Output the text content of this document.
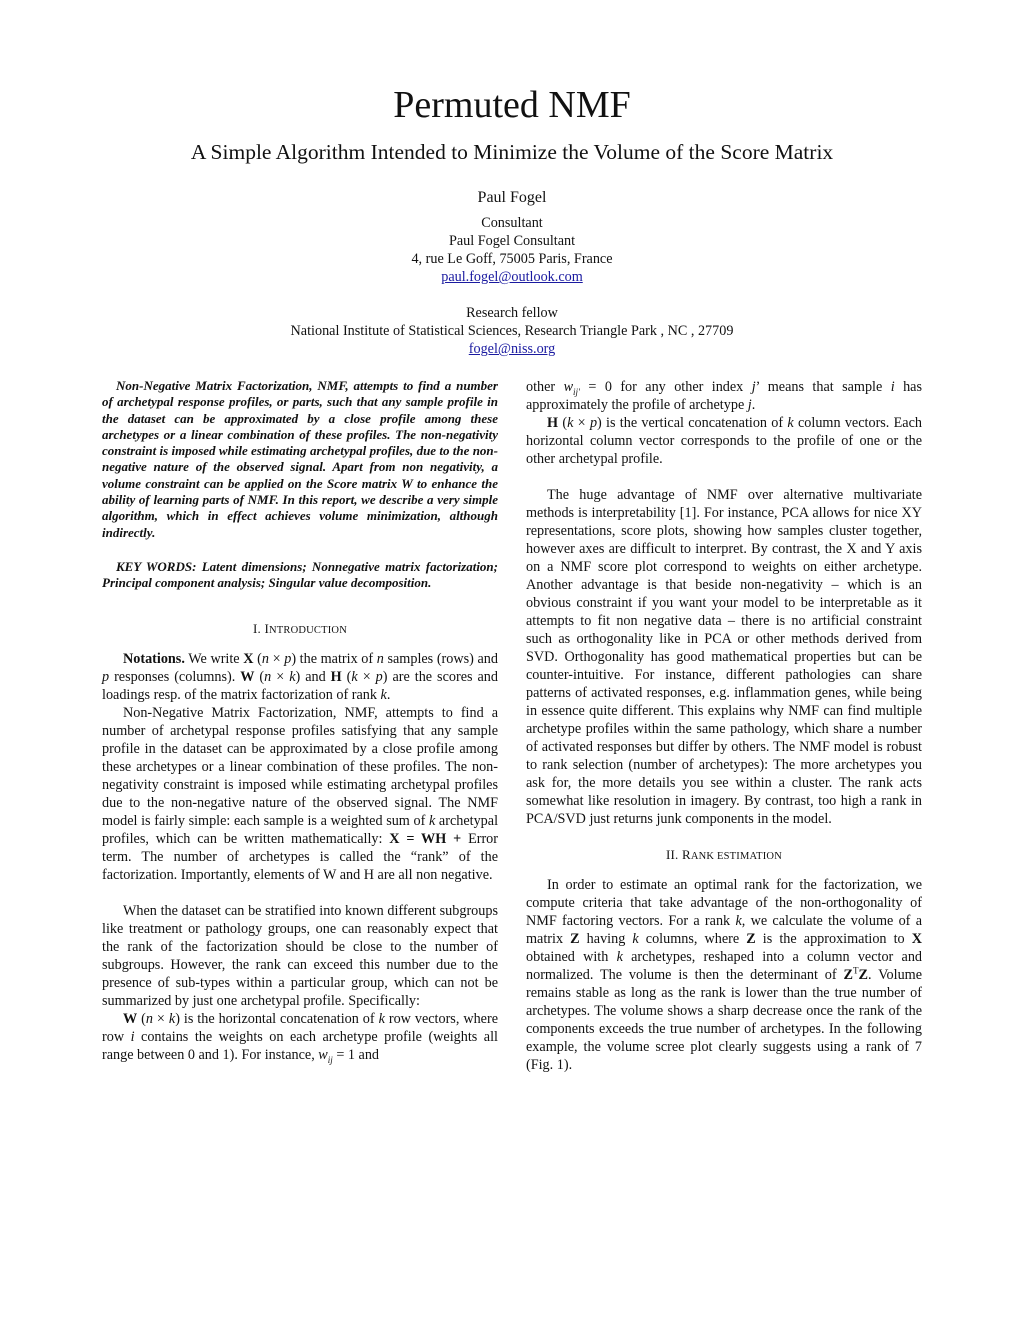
Permuted NMF
A Simple Algorithm Intended to Minimize the Volume of the Score Matrix
Paul Fogel
Consultant
Paul Fogel Consultant
4, rue Le Goff, 75005 Paris, France
paul.fogel@outlook.com
Research fellow
National Institute of Statistical Sciences, Research Triangle Park , NC , 27709
fogel@niss.org

Non-Negative Matrix Factorization, NMF, attempts to find a number of archetypal response profiles, or parts, such that any sample profile in the dataset can be approximated by a close profile among these archetypes or a linear combination of these profiles. The non-negativity constraint is imposed while estimating archetypal profiles, due to the non-negative nature of the observed signal. Apart from non negativity, a volume constraint can be applied on the Score matrix W to enhance the ability of learning parts of NMF. In this report, we describe a very simple algorithm, which in effect achieves volume minimization, although indirectly.

KEY WORDS: Latent dimensions; Nonnegative matrix factorization; Principal component analysis; Singular value decomposition.

I. INTRODUCTION

Notations. We write X (n × p) the matrix of n samples (rows) and p responses (columns). W (n × k) and H (k × p) are the scores and loadings resp. of the matrix factorization of rank k.

Non-Negative Matrix Factorization, NMF, attempts to find a number of archetypal response profiles satisfying that any sample profile in the dataset can be approximated by a close profile among these archetypes or a linear combination of these profiles. The non-negativity constraint is imposed while estimating archetypal profiles due to the non-negative nature of the observed signal. The NMF model is fairly simple: each sample is a weighted sum of k archetypal profiles, which can be written mathematically: X = WH + Error term. The number of archetypes is called the “rank” of the factorization. Importantly, elements of W and H are all non negative.

When the dataset can be stratified into known different subgroups like treatment or pathology groups, one can reasonably expect that the rank of the factorization should be close to the number of subgroups. However, the rank can exceed this number due to the presence of sub-types within a particular group, which can not be summarized by just one archetypal profile. Specifically:

W (n × k) is the horizontal concatenation of k row vectors, where row i contains the weights on each archetype profile (weights all range between 0 and 1). For instance, $w_{ij} = 1$ and

other $w_{ij'} = 0$ for any other index j’ means that sample i has approximately the profile of archetype j.

H (k × p) is the vertical concatenation of k column vectors. Each horizontal column vector corresponds to the profile of one or the other archetypal profile.

The huge advantage of NMF over alternative multivariate methods is interpretability [1]. For instance, PCA allows for nice XY representations, score plots, showing how samples cluster together, however axes are difficult to interpret. By contrast, the X and Y axis on a NMF score plot correspond to weights on either archetype. Another advantage is that beside non-negativity – which is an obvious constraint if you want your model to be interpretable as it attempts to fit non negative data – there is no artificial constraint such as orthogonality like in PCA or other methods derived from SVD. Orthogonality has good mathematical properties but can be counter-intuitive. For instance, different pathologies can share patterns of activated responses, e.g. inflammation genes, while being in essence quite different. This explains why NMF can find multiple archetype profiles within the same pathology, which share a number of activated responses but differ by others. The NMF model is robust to rank selection (number of archetypes): The more archetypes you ask for, the more details you see within a cluster. The rank acts somewhat like resolution in imagery. By contrast, too high a rank in PCA/SVD just returns junk components in the model.

II. RANK ESTIMATION

In order to estimate an optimal rank for the factorization, we compute criteria that take advantage of the non-orthogonality of NMF factoring vectors. For a rank k, we calculate the volume of a matrix Z having k columns, where Z is the approximation to X obtained with k archetypes, reshaped into a column vector and normalized. The volume is then the determinant of $Z^TZ$. Volume remains stable as long as the rank is lower than the true number of archetypes. The volume shows a sharp decrease once the rank of the components exceeds the true number of archetypes. In the following example, the volume scree plot clearly suggests using a rank of 7 (Fig. 1).
